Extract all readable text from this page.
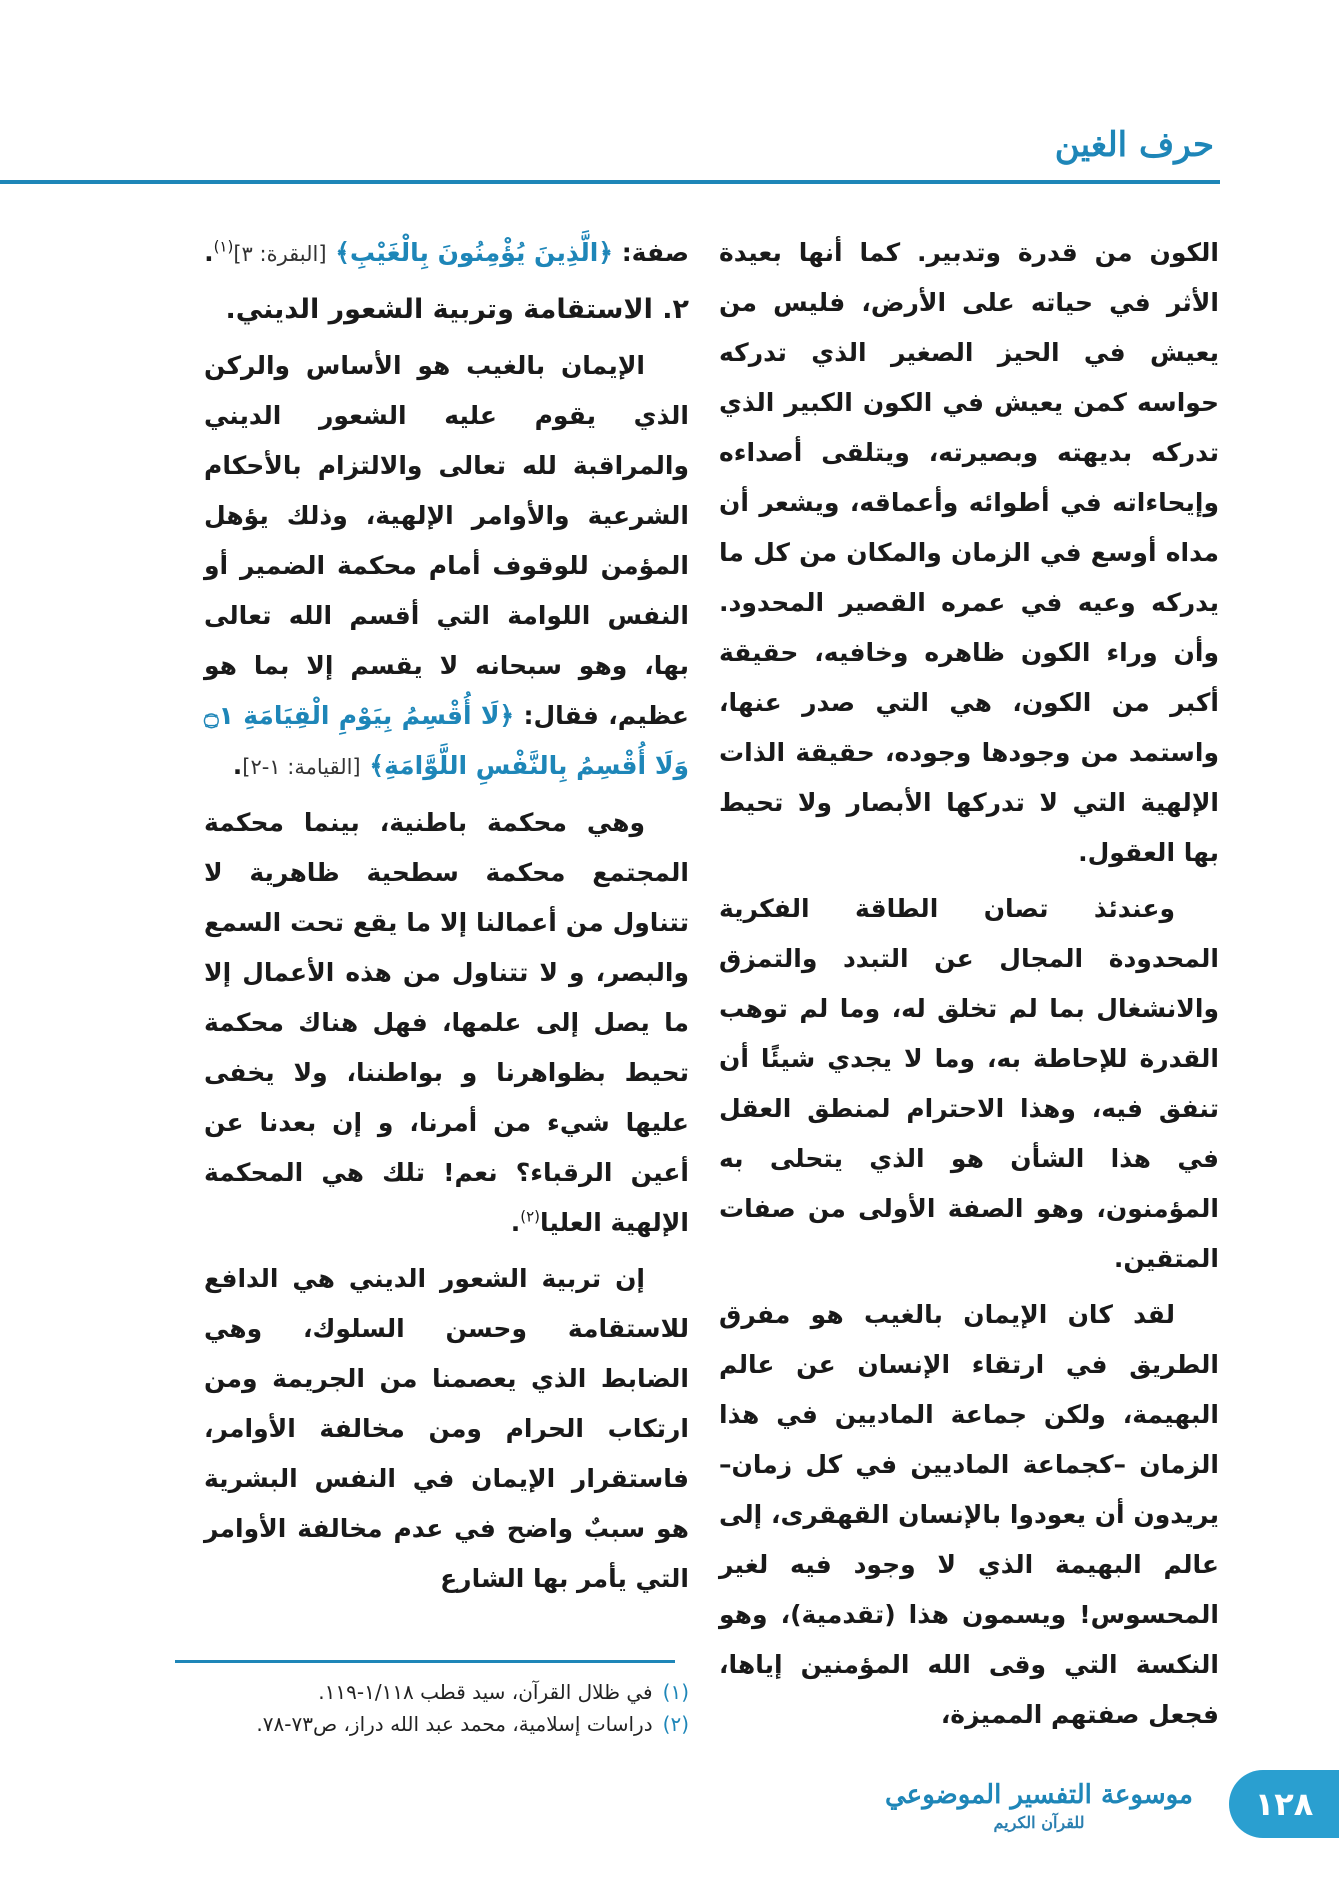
حرف الغين

الكون من قدرة وتدبير. كما أنها بعيدة الأثر في حياته على الأرض، فليس من يعيش في الحيز الصغير الذي تدركه حواسه كمن يعيش في الكون الكبير الذي تدركه بديهته وبصيرته، ويتلقى أصداءه وإيحاءاته في أطوائه وأعماقه، ويشعر أن مداه أوسع في الزمان والمكان من كل ما يدركه وعيه في عمره القصير المحدود. وأن وراء الكون ظاهره وخافيه، حقيقة أكبر من الكون، هي التي صدر عنها، واستمد من وجودها وجوده، حقيقة الذات الإلهية التي لا تدركها الأبصار ولا تحيط بها العقول.

وعندئذ تصان الطاقة الفكرية المحدودة المجال عن التبدد والتمزق والانشغال بما لم تخلق له، وما لم توهب القدرة للإحاطة به، وما لا يجدي شيئًا أن تنفق فيه، وهذا الاحترام لمنطق العقل في هذا الشأن هو الذي يتحلى به المؤمنون، وهو الصفة الأولى من صفات المتقين.

لقد كان الإيمان بالغيب هو مفرق الطريق في ارتقاء الإنسان عن عالم البهيمة، ولكن جماعة الماديين في هذا الزمان –كجماعة الماديين في كل زمان– يريدون أن يعودوا بالإنسان القهقرى، إلى عالم البهيمة الذي لا وجود فيه لغير المحسوس! ويسمون هذا (تقدمية)، وهو النكسة التي وقى الله المؤمنين إياها، فجعل صفتهم المميزة،

صفة: ﴿الَّذِينَ يُؤْمِنُونَ بِالْغَيْبِ﴾ [البقرة: ٣]$^{(١)}$.

٢. الاستقامة وتربية الشعور الديني.

الإيمان بالغيب هو الأساس والركن الذي يقوم عليه الشعور الديني والمراقبة لله تعالى والالتزام بالأحكام الشرعية والأوامر الإلهية، وذلك يؤهل المؤمن للوقوف أمام محكمة الضمير أو النفس اللوامة التي أقسم الله تعالى بها، وهو سبحانه لا يقسم إلا بما هو عظيم، فقال: ﴿لَا أُقْسِمُ بِيَوْمِ الْقِيَامَةِ ۝١ وَلَا أُقْسِمُ بِالنَّفْسِ اللَّوَّامَةِ﴾ [القيامة: ١-٢].

وهي محكمة باطنية، بينما محكمة المجتمع محكمة سطحية ظاهرية لا تتناول من أعمالنا إلا ما يقع تحت السمع والبصر، و لا تتناول من هذه الأعمال إلا ما يصل إلى علمها، فهل هناك محكمة تحيط بظواهرنا و بواطننا، ولا يخفى عليها شيء من أمرنا، و إن بعدنا عن أعين الرقباء؟ نعم! تلك هي المحكمة الإلهية العليا$^{(٢)}$.

إن تربية الشعور الديني هي الدافع للاستقامة وحسن السلوك، وهي الضابط الذي يعصمنا من الجريمة ومن ارتكاب الحرام ومن مخالفة الأوامر، فاستقرار الإيمان في النفس البشرية هو سببٌ واضح في عدم مخالفة الأوامر التي يأمر بها الشارع

(١)
في ظلال القرآن، سيد قطب ١/١١٨-١١٩.

(٢)
دراسات إسلامية، محمد عبد الله دراز، ص٧٣-٧٨.

موسوعة التفسير الموضوعي
للقرآن الكريم	١٢٨
